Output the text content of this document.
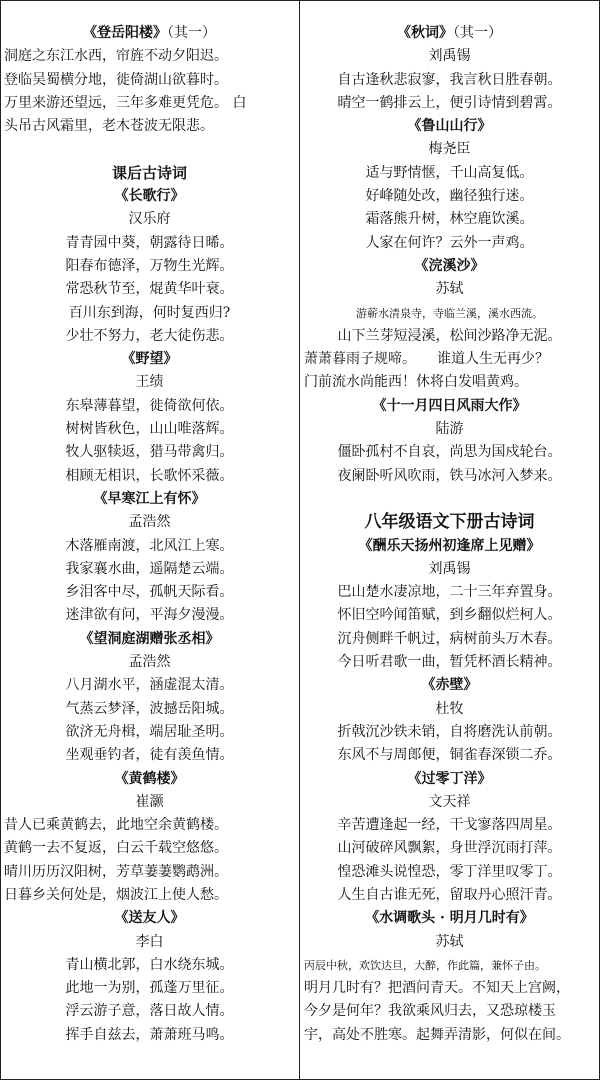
《登岳阳楼》（其一）
洞庭之东江水西，帘旌不动夕阳迟。
登临吴蜀横分地，徙倚湖山欲暮时。
万里来游还望远，三年多难更凭危。 白
头吊古风霜里，老木苍波无限悲。
课后古诗词
《长歌行》
汉乐府
青青园中葵，朝露待日晞。
阳春布德泽，万物生光辉。
常恐秋节至，焜黄华叶衰。
百川东到海，何时复西归?
少壮不努力，老大徒伤悲。
《野望》
王绩
东皋薄暮望，徙倚欲何依。
树树皆秋色，山山唯落辉。
牧人驱犊返，猎马带禽归。
相顾无相识，长歌怀采薇。
《早寒江上有怀》
孟浩然
木落雁南渡，北风江上寒。
我家襄水曲，遥隔楚云端。
乡泪客中尽，孤帆天际看。
迷津欲有问，平海夕漫漫。
《望洞庭湖赠张丞相》
孟浩然
八月湖水平，涵虚混太清。
气蒸云梦泽，波撼岳阳城。
欲济无舟楫，端居耻圣明。
坐观垂钓者，徒有羡鱼情。
《黄鹤楼》
崔灏
昔人已乘黄鹤去，此地空余黄鹤楼。
黄鹤一去不复返，白云千载空悠悠。
晴川历历汉阳树，芳草萋萋鹦鹉洲。
日暮乡关何处是，烟波江上使人愁。
《送友人》
李白
青山横北郭，白水绕东城。
此地一为别，孤蓬万里征。
浮云游子意，落日故人情。
挥手自兹去，萧萧班马鸣。
《秋词》（其一）
刘禹锡
自古逢秋悲寂寥，我言秋日胜春朝。
晴空一鹤排云上，便引诗情到碧霄。
《鲁山山行》
梅尧臣
适与野情惬，千山高复低。
好峰随处改，幽径独行迷。
霜落熊升树，林空鹿饮溪。
人家在何许？云外一声鸡。
《浣溪沙》
苏轼
游蕲水清泉寺，寺临兰溪，溪水西流。
山下兰芽短浸溪，松间沙路净无泥。
萧萧暮雨子规啼。　　谁道人生无再少？
门前流水尚能西！休将白发唱黄鸡。
《十一月四日风雨大作》
陆游
僵卧孤村不自哀，尚思为国戍轮台。
夜阑卧听风吹雨，铁马冰河入梦来。
八年级语文下册古诗词
《酬乐天扬州初逢席上见赠》
刘禹锡
巴山楚水凄凉地，二十三年弃置身。
怀旧空吟闻笛赋，到乡翻似烂柯人。
沉舟侧畔千帆过，病树前头万木春。
今日听君歌一曲，暂凭杯酒长精神。
《赤壁》
杜牧
折戟沉沙铁未销，自将磨洗认前朝。
东风不与周郎便，铜雀春深锁二乔。
《过零丁洋》
文天祥
辛苦遭逢起一经，干戈寥落四周星。
山河破碎风飘絮，身世浮沉雨打萍。
惶恐滩头说惶恐，零丁洋里叹零丁。
人生自古谁无死，留取丹心照汗青。
《水调歌头 · 明月几时有》
苏轼
丙辰中秋，欢饮达旦，大醉，作此篇，兼怀子由。
明月几时有？把酒问青天。不知天上宫阙，
今夕是何年？我欲乘风归去，又恐琼楼玉
宇，高处不胜寒。起舞弄清影，何似在间。
